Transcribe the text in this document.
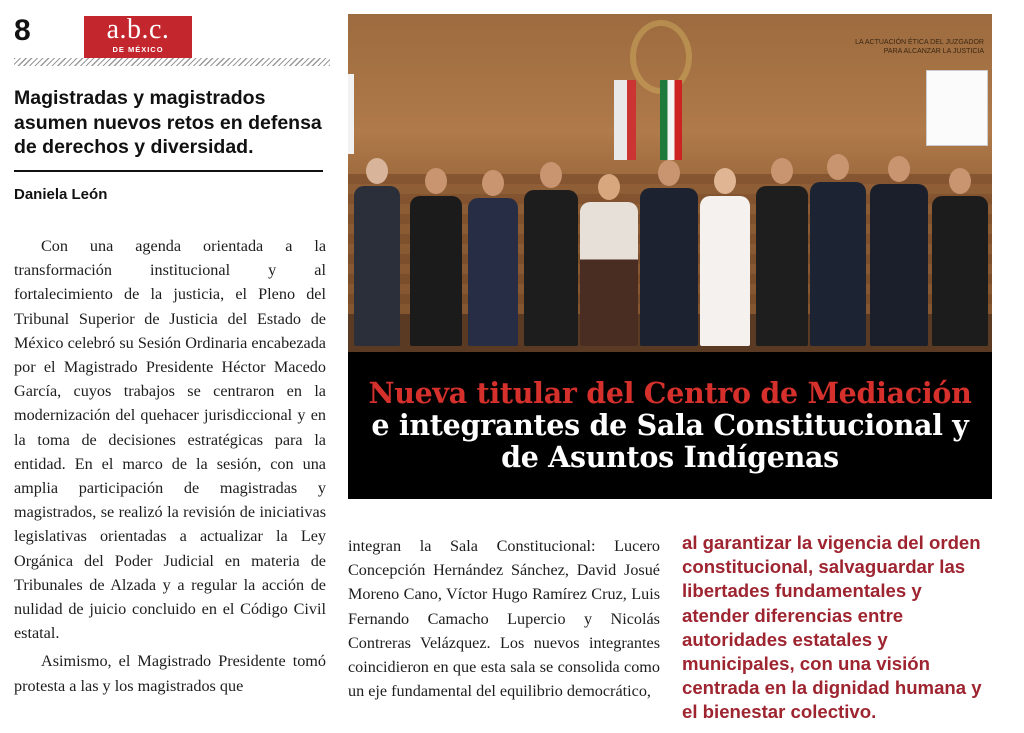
8	a.b.c.
DE MÉXICO
Magistradas y magistrados asumen nuevos retos en defensa de derechos y diversidad.
Daniela León

Con una agenda orientada a la transformación institucional y al fortalecimiento de la justicia, el Pleno del Tribunal Superior de Justicia del Estado de México celebró su Sesión Ordinaria encabezada por el Magistrado Presidente Héctor Macedo García, cuyos trabajos se centraron en la modernización del quehacer jurisdiccional y en la toma de decisiones estratégicas para la entidad. En el marco de la sesión, con una amplia participación de magistradas y magistrados, se realizó la revisión de iniciativas legislativas orientadas a actualizar la Ley Orgánica del Poder Judicial en materia de Tribunales de Alzada y a regular la acción de nulidad de juicio concluido en el Código Civil estatal.

Asimismo, el Magistrado Presidente tomó protesta a las y los magistrados que

LA ACTUACIÓN ÉTICA DEL JUZGADOR PARA ALCANZAR LA JUSTICIA
Nueva titular del Centro de Mediación
e integrantes de Sala Constitucional y
de Asuntos Indígenas

integran la Sala Constitucional: Lucero Concepción Hernández Sánchez, David Josué Moreno Cano, Víctor Hugo Ramírez Cruz, Luis Fernando Camacho Lupercio y Nicolás Contreras Velázquez. Los nuevos integrantes coincidieron en que esta sala se consolida como un eje fundamental del equilibrio democrático,

al garantizar la vigencia del orden constitucional, salvaguardar las libertades fundamentales y atender diferencias entre autoridades estatales y municipales, con una visión centrada en la dignidad humana y el bienestar colectivo.
